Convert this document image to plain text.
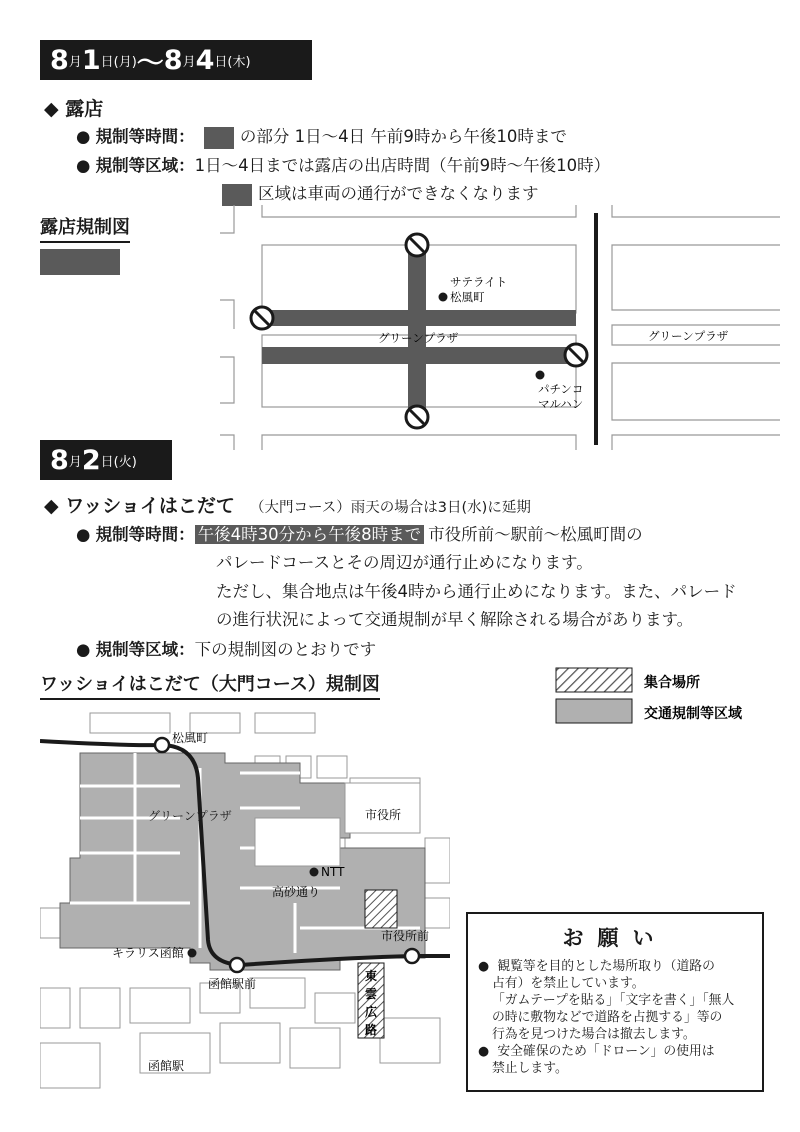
8 月 1 日 (月) 〜 8 月 4 日 (木)
◆ 露店
● 規制等時間：	の部分 1日〜4日 午前9時から午後10時まで
● 規制等区域：1日〜4日までは露店の出店時間（午前9時〜午後10時）
区域は車両の通行ができなくなります
露店規制図
サテライト
松風町
グリーンプラザ	グリーンプラザ
パチンコ
マルハン
8 月 2 日 (火)
◆ ワッショイはこだて （大門コース）雨天の場合は3日(水)に延期
● 規制等時間： 午後4時30分から午後8時まで 市役所前〜駅前〜松風町間の
パレードコースとその周辺が通行止めになります。
ただし、集合地点は午後4時から通行止めになります。また、パレード
の進行状況によって交通規制が早く解除される場合があります。
● 規制等区域：下の規制図のとおりです
ワッショイはこだて（大門コース）規制図	集合場所
交通規制等区域
松風町
グリーンプラザ	市役所
NTT
高砂通り
キラリス函館
市役所前
函館駅前
函館駅
東
雲
広
路
お願い
●  観覧等を目的とした場所取り（道路の
占有）を禁止しています。
「ガムテープを貼る」「文字を書く」「無人
の時に敷物などで道路を占拠する」等の
行為を見つけた場合は撤去します。
●  安全確保のため「ドローン」の使用は
禁止します。
